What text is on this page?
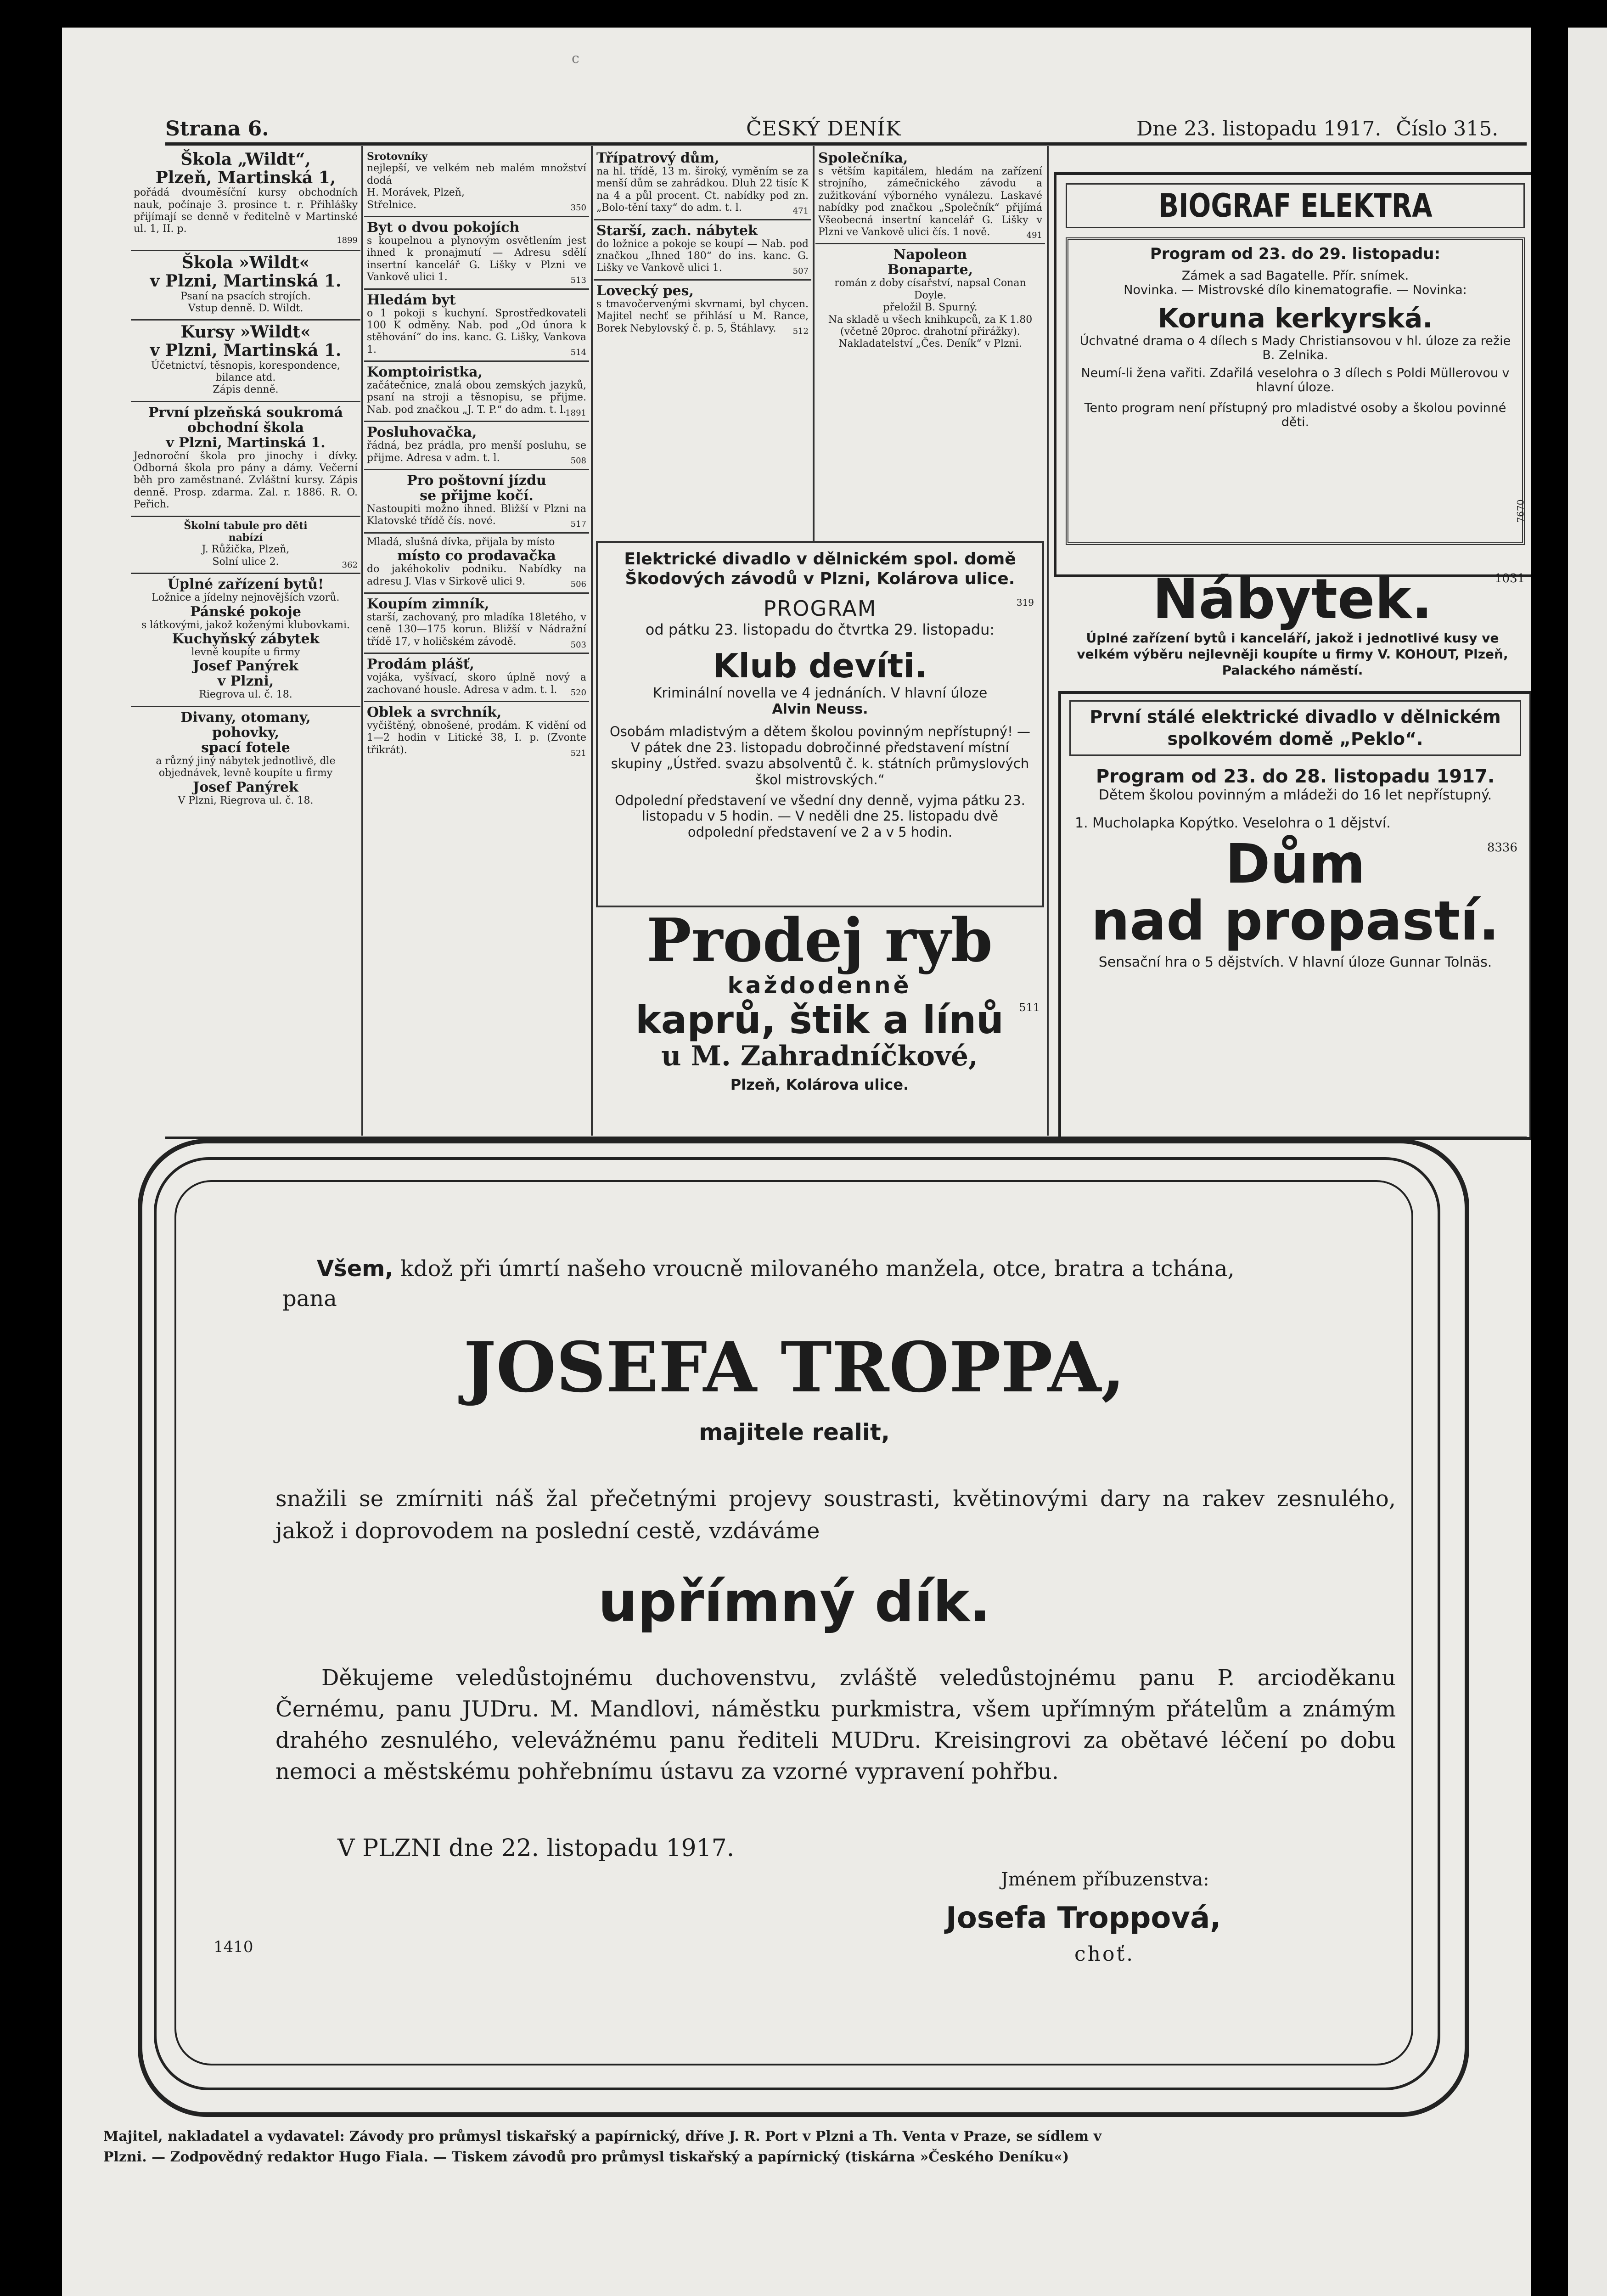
c
Strana 6.	ČESKÝ DENÍK	Dne 23. listopadu 1917. Číslo 315.
Škola „Wildt“,
Plzeň, Martinská 1,
pořádá dvouměsíční kursy obchodních nauk, počínaje 3. prosince t. r. Přihlášky přijímají se denně v ředitelně v Martinské ul. 1, II. p.
1899
Škola »Wildt«
v Plzni, Martinská 1.
Psaní na psacích strojích.
Vstup denně. D. Wildt.
Kursy »Wildt«
v Plzni, Martinská 1.
Účetnictví, těsnopis, korespondence, bilance atd.
Zápis denně.
První plzeňská soukromá
obchodní škola
v Plzni, Martinská 1.
Jednoroční škola pro jinochy i dívky. Odborná škola pro pány a dámy. Večerní běh pro zaměstnané. Zvláštní kursy. Zápis denně. Prosp. zdarma. Zal. r. 1886. R. O. Peřich.
Školní tabule pro děti
nabízí
J. Růžička, Plzeň,
Solní ulice 2.	362
Úplné zařízení bytů!
Ložnice a jídelny nejnovějších vzorů.
Pánské pokoje
s látkovými, jakož koženými klubovkami.
Kuchyňský zábytek
levně koupíte u firmy
Josef Panýrek
v Plzni,
Riegrova ul. č. 18.
Divany, otomany,
pohovky,
spací fotele
a různý jiný nábytek jednotlivě, dle objednávek, levně koupíte u firmy
Josef Panýrek
V Plzni, Riegrova ul. č. 18.
Srotovníky
nejlepší, ve velkém neb malém množství dodá
H. Morávek, Plzeň,
Střelnice.	350
Byt o dvou pokojích
s koupelnou a plynovým osvětlením jest ihned k pronajmutí — Adresu sdělí insertní kancelář G. Lišky v Plzni ve Vankově ulici 1.	513
Hledám byt
o 1 pokoji s kuchyní. Sprostředkovateli 100 K odměny. Nab. pod „Od února k stěhování“ do ins. kanc. G. Lišky, Vankova 1.	514
Komptoiristka,
začátečnice, znalá obou zemských jazyků, psaní na stroji a těsnopisu, se přijme. Nab. pod značkou „J. T. P.“ do adm. t. l.
1891
Posluhovačka,
řádná, bez prádla, pro menší posluhu, se přijme. Adresa v adm. t. l.	508
Pro poštovní jízdu
se přijme kočí.
Nastoupiti možno ihned. Bližší v Plzni na Klatovské třídě čís. nové.	517
Mladá, slušná dívka, přijala by místo
místo co prodavačka
do jakéhokoliv podniku. Nabídky na adresu J. Vlas v Sirkově ulici 9.	506
Koupím zimník,
starší, zachovaný, pro mladíka 18letého, v ceně 130—175 korun. Bližší v Nádražní třídě 17, v holičském závodě.	503
Prodám plášť,
vojáka, vyšívací, skoro úplně nový a zachované housle. Adresa v adm. t. l.	520
Oblek a svrchník,
vyčištěný, obnošené, prodám. K vidění od 1—2 hodin v Litické 38, I. p. (Zvonte třikrát).	521
Třípatrový dům,
na hl. třídě, 13 m. široký, vyměním se za menší dům se zahrádkou. Dluh 22 tisíc K na 4 a půl procent. Ct. nabídky pod zn. „Bolo-tění taxy“ do adm. t. l.	471
Starší, zach. nábytek
do ložnice a pokoje se koupí — Nab. pod značkou „Ihned 180“ do ins. kanc. G. Lišky ve Vankově ulici 1.	507
Lovecký pes,
s tmavočervenými skvrnami, byl chycen. Majitel nechť se přihlásí u M. Rance, Borek Nebylovský č. p. 5, Štáhlavy.	512
Společníka,
s větším kapitálem, hledám na zařízení strojního, zámečnického závodu a zužitkování výborného vynálezu. Laskavé nabídky pod značkou „Společník“ přijímá Všeobecná insertní kancelář G. Lišky v Plzni ve Vankově ulici čís. 1 nově.	491
Napoleon
Bonaparte,
román z doby císařství, napsal Conan Doyle.
přeložil B. Spurný.
Na skladě u všech knihkupců, za K 1.80 (včetně 20proc. drahotní přirážky). Nakladatelství „Čes. Deník“ v Plzni.
Elektrické divadlo v dělnickém spol. domě Škodových závodů v Plzni, Kolárova ulice.
PROGRAM	319
od pátku 23. listopadu do čtvrtka 29. listopadu:
Klub devíti.
Kriminální novella ve 4 jednáních. V hlavní úloze
Alvin Neuss.
Osobám mladistvým a dětem školou povinným nepřístupný! — V pátek dne 23. listopadu dobročinné představení místní skupiny „Ústřed. svazu absolventů č. k. státních průmyslových škol mistrovských.“
Odpolední představení ve všední dny denně, vyjma pátku 23. listopadu v 5 hodin. — V neděli dne 25. listopadu dvě odpolední představení ve 2 a v 5 hodin.
Prodej ryb
každodenně
511
kaprů, štik a línů
u M. Zahradníčkové,
Plzeň, Kolárova ulice.
BIOGRAF ELEKTRA
Program od 23. do 29. listopadu:
Zámek a sad Bagatelle. Přír. snímek.
Novinka. — Mistrovské dílo kinematografie. — Novinka:
Koruna kerkyrská.
Úchvatné drama o 4 dílech s Mady Christiansovou v hl. úloze za režie B. Zelnika.
Neumí-li žena vařiti. Zdařilá veselohra o 3 dílech s Poldi Müllerovou v hlavní úloze.
Tento program není přístupný pro mladistvé osoby a školou povinné děti.
7670
1031
Nábytek.
Úplné zařízení bytů i kanceláří, jakož i jednotlivé kusy ve velkém výběru nejlevněji koupíte u firmy V. KOHOUT, Plzeň, Palackého náměstí.
První stálé elektrické divadlo v dělnickém spolkovém domě „Peklo“.
Program od 23. do 28. listopadu 1917.
Dětem školou povinným a mládeži do 16 let nepřístupný.
8336
1. Mucholapka Kopýtko. Veselohra o 1 dějství.
Dům
nad propastí.
Sensační hra o 5 dějstvích. V hlavní úloze Gunnar Tolnäs.
Všem, kdož při úmrtí našeho vroucně milovaného manžela, otce, bratra a tchána,
pana
JOSEFA TROPPA,
majitele realit,
snažili se zmírniti náš žal přečetnými projevy soustrasti, květinovými dary na rakev zesnulého, jakož i doprovodem na poslední cestě, vzdáváme
upřímný dík.
Děkujeme veledůstojnému duchovenstvu, zvláště veledůstojnému panu P. arcioděkanu Černému, panu JUDru. M. Mandlovi, náměstku purkmistra, všem upřímným přátelům a známým drahého zesnulého, velevážnému panu řediteli MUDru. Kreisingrovi za obětavé léčení po dobu nemoci a městskému pohřebnímu ústavu za vzorné vypravení pohřbu.
V PLZNI dne 22. listopadu 1917.
Jménem příbuzenstva:
Josefa Troppová,
1410	choť.
Majitel, nakladatel a vydavatel: Závody pro průmysl tiskařský a papírnický, dříve J. R. Port v Plzni a Th. Venta v Praze, se sídlem v
Plzni. — Zodpovědný redaktor Hugo Fiala. — Tiskem závodů pro průmysl tiskařský a papírnický (tiskárna »Českého Deníku«)
